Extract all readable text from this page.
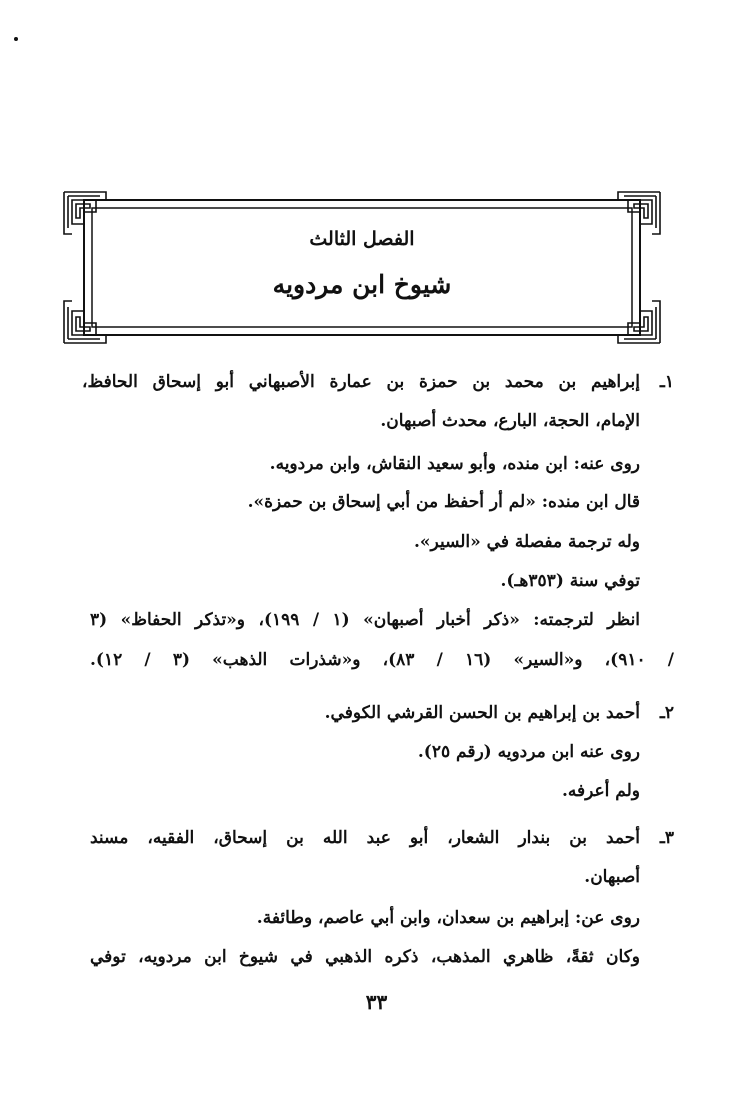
الفصل الثالث
شيوخ ابن مردويه
١ـ
إبراهيم بن محمد بن حمزة بن عمارة الأصبهاني أبو إسحاق الحافظ،
الإمام، الحجة، البارع، محدث أصبهان.
روى عنه: ابن منده، وأبو سعيد النقاش، وابن مردويه.
قال ابن منده: «لم أر أحفظ من أبي إسحاق بن حمزة».
وله ترجمة مفصلة في «السير».
توفي سنة (٣٥٣هـ).
انظر لترجمته: «ذكر أخبار أصبهان» (١ / ١٩٩)، و«تذكر الحفاظ» (٣
/ ٩١٠)، و«السير» (١٦ / ٨٣)، و«شذرات الذهب» (٣ / ١٢).
٢ـ
أحمد بن إبراهيم بن الحسن القرشي الكوفي.
روى عنه ابن مردويه (رقم ٢٥).
ولم أعرفه.
٣ـ
أحمد بن بندار الشعار، أبو عبد الله بن إسحاق، الفقيه، مسند
أصبهان.
روى عن: إبراهيم بن سعدان، وابن أبي عاصم، وطائفة.
وكان ثقةً، ظاهري المذهب، ذكره الذهبي في شيوخ ابن مردويه، توفي
٣٣
